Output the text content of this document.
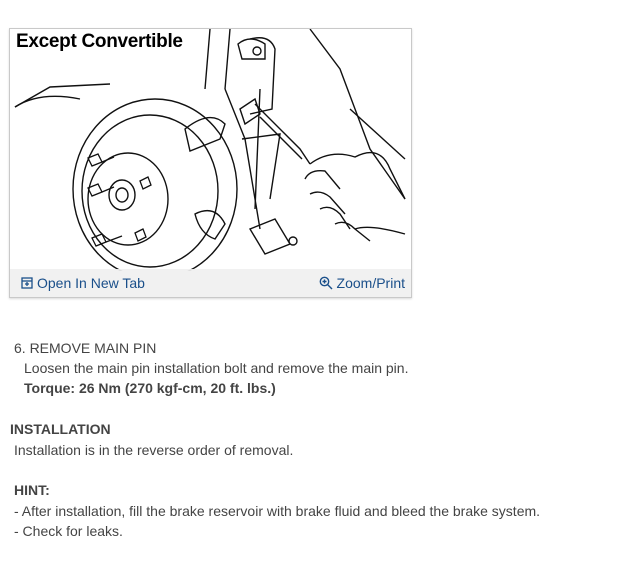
Except Convertible
Open In New Tab	Zoom/Print
6. REMOVE MAIN PIN
Loosen the main pin installation bolt and remove the main pin.
Torque: 26 Nm (270 kgf-cm, 20 ft. lbs.)
INSTALLATION
Installation is in the reverse order of removal.
HINT:
- After installation, fill the brake reservoir with brake fluid and bleed the brake system.
- Check for leaks.
